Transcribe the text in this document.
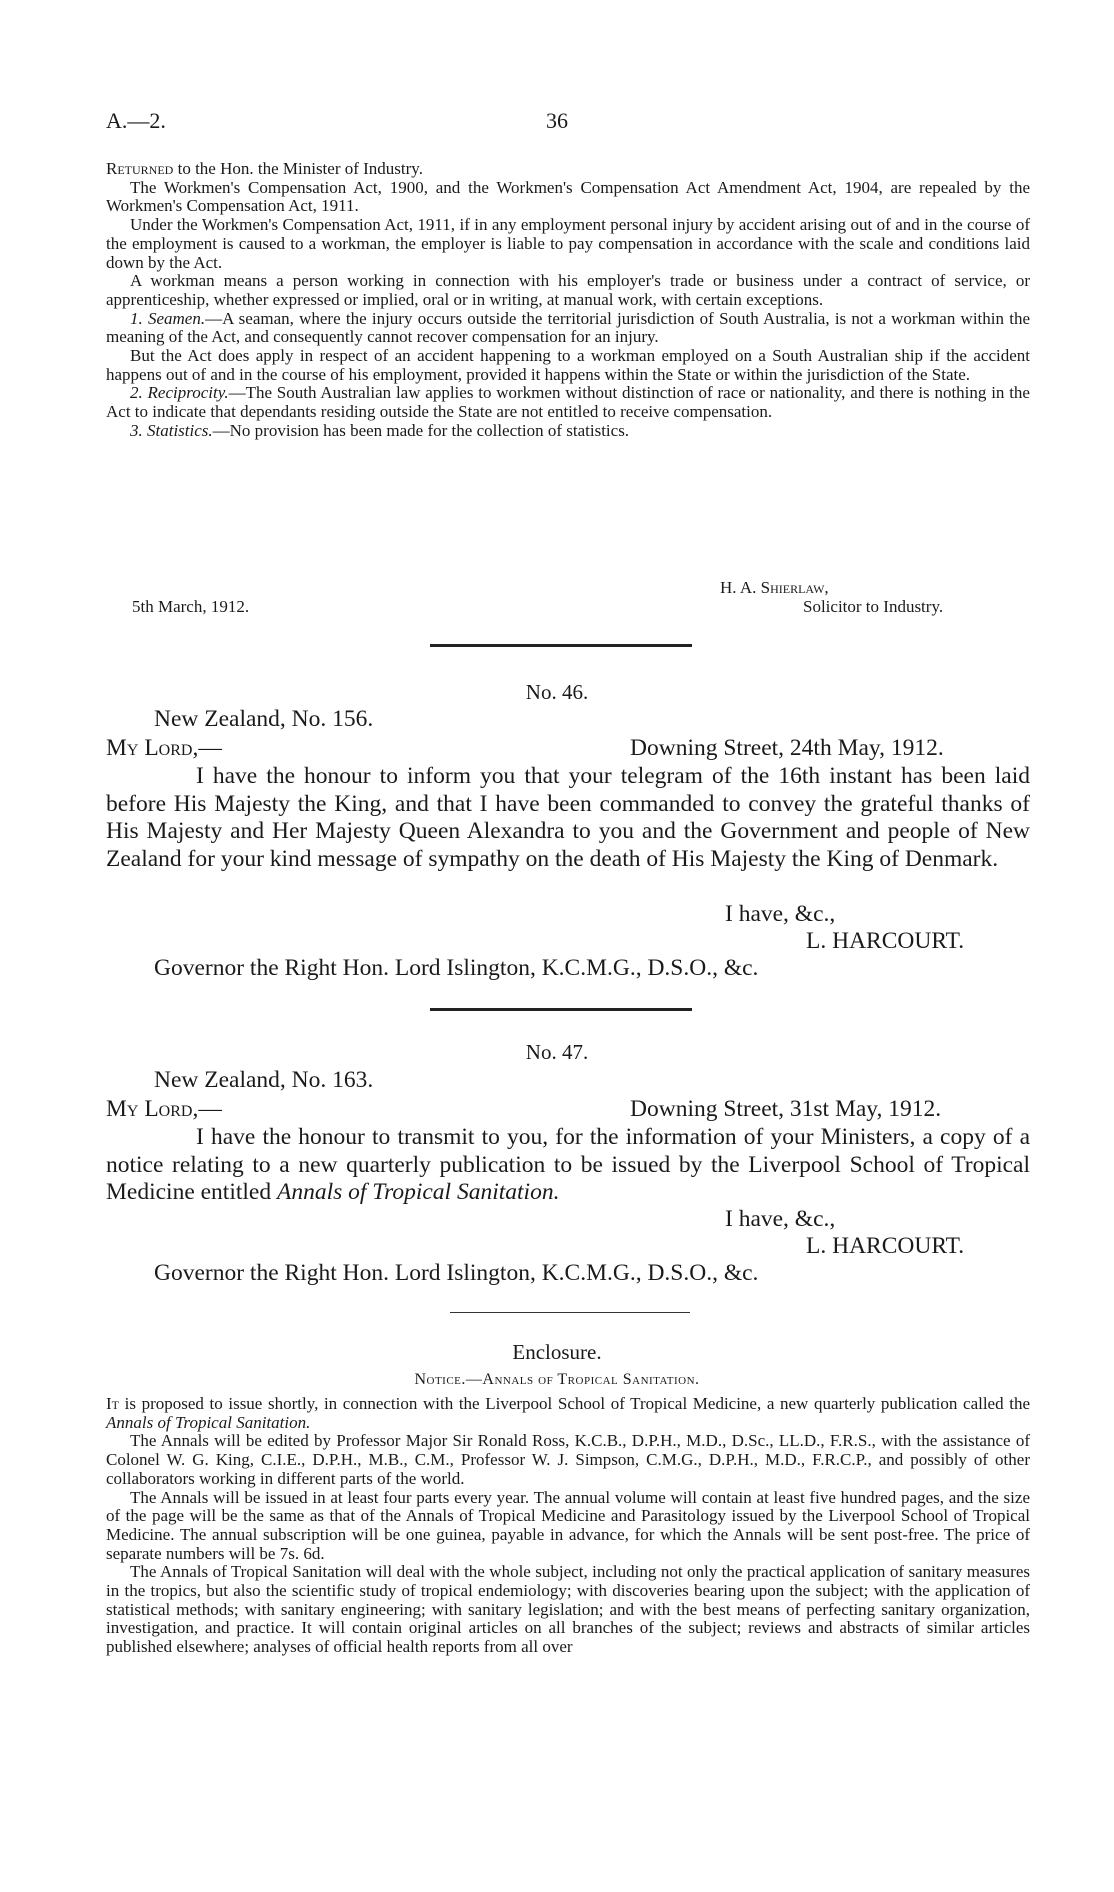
A.—2.	36

Returned to the Hon. the Minister of Industry.

The Workmen's Compensation Act, 1900, and the Workmen's Compensation Act Amendment Act, 1904, are repealed by the Workmen's Compensation Act, 1911.

Under the Workmen's Compensation Act, 1911, if in any employment personal injury by accident arising out of and in the course of the employment is caused to a workman, the employer is liable to pay compensation in accordance with the scale and conditions laid down by the Act.

A workman means a person working in connection with his employer's trade or business under a contract of service, or apprenticeship, whether expressed or implied, oral or in writing, at manual work, with certain exceptions.

1. Seamen.—A seaman, where the injury occurs outside the territorial jurisdiction of South Australia, is not a workman within the meaning of the Act, and consequently cannot recover compensation for an injury.

But the Act does apply in respect of an accident happening to a workman employed on a South Australian ship if the accident happens out of and in the course of his employment, provided it happens within the State or within the jurisdiction of the State.

2. Reciprocity.—The South Australian law applies to workmen without distinction of race or nationality, and there is nothing in the Act to indicate that dependants residing outside the State are not entitled to receive compensation.

3. Statistics.—No provision has been made for the collection of statistics.

H. A. Shierlaw,
5th March, 1912.	Solicitor to Industry.
No. 46.
New Zealand, No. 156.
My Lord,—	Downing Street, 24th May, 1912.

I have the honour to inform you that your telegram of the 16th instant has been laid before His Majesty the King, and that I have been commanded to convey the grateful thanks of His Majesty and Her Majesty Queen Alexandra to you and the Government and people of New Zealand for your kind message of sympathy on the death of His Majesty the King of Denmark.

I have, &c.,
L. HARCOURT.
Governor the Right Hon. Lord Islington, K.C.M.G., D.S.O., &c.
No. 47.
New Zealand, No. 163.
My Lord,—	Downing Street, 31st May, 1912.

I have the honour to transmit to you, for the information of your Ministers, a copy of a notice relating to a new quarterly publication to be issued by the Liverpool School of Tropical Medicine entitled Annals of Tropical Sanitation.

I have, &c.,
L. HARCOURT.
Governor the Right Hon. Lord Islington, K.C.M.G., D.S.O., &c.
Enclosure.
Notice.—Annals of Tropical Sanitation.

It is proposed to issue shortly, in connection with the Liverpool School of Tropical Medicine, a new quarterly publication called the Annals of Tropical Sanitation.

The Annals will be edited by Professor Major Sir Ronald Ross, K.C.B., D.P.H., M.D., D.Sc., LL.D., F.R.S., with the assistance of Colonel W. G. King, C.I.E., D.P.H., M.B., C.M., Professor W. J. Simpson, C.M.G., D.P.H., M.D., F.R.C.P., and possibly of other collaborators working in different parts of the world.

The Annals will be issued in at least four parts every year. The annual volume will contain at least five hundred pages, and the size of the page will be the same as that of the Annals of Tropical Medicine and Parasitology issued by the Liverpool School of Tropical Medicine. The annual subscription will be one guinea, payable in advance, for which the Annals will be sent post-free. The price of separate numbers will be 7s. 6d.

The Annals of Tropical Sanitation will deal with the whole subject, including not only the practical application of sanitary measures in the tropics, but also the scientific study of tropical endemiology; with discoveries bearing upon the subject; with the application of statistical methods; with sanitary engineering; with sanitary legislation; and with the best means of perfecting sanitary organization, investigation, and practice. It will contain original articles on all branches of the subject; reviews and abstracts of similar articles published elsewhere; analyses of official health reports from all over
